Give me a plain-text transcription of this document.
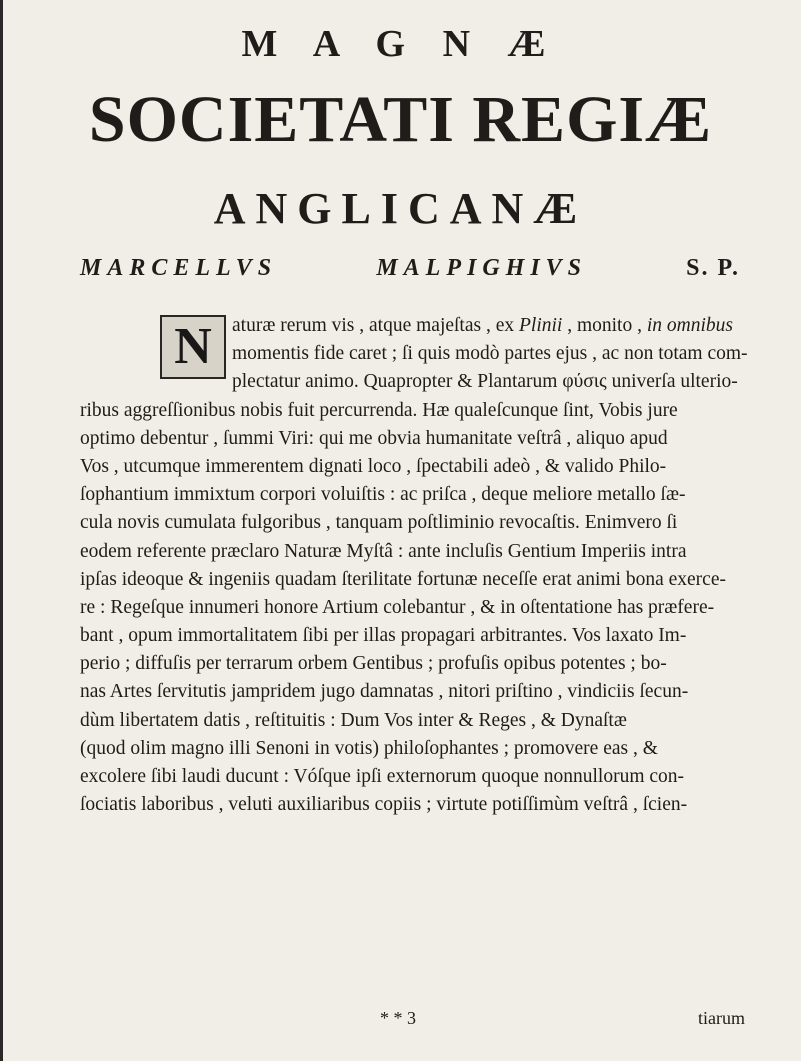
M A G N Æ
SOCIETATI REGIÆ
ANGLICANÆ
MARCELLVS	MALPIGHIVS	S. P.
N	aturæ rerum vis , atque majeſtas , ex Plinii , monito , in omnibus
momentis fide caret ; ſi quis modò partes ejus , ac non totam com-
plectatur animo. Quapropter & Plantarum φύσις univerſa ulterio-
ribus aggreſſionibus nobis fuit percurrenda. Hæ qualeſcunque ſint, Vobis jure
optimo debentur , ſummi Viri: qui me obvia humanitate veſtrâ , aliquo apud
Vos , utcumque immerentem dignati loco , ſpectabili adeò , & valido Philo-
ſophantium immixtum corpori voluiſtis : ac priſca , deque meliore metallo ſæ-
cula novis cumulata fulgoribus , tanquam poſtliminio revocaſtis. Enimvero ſi
eodem referente præclaro Naturæ Myſtâ : ante incluſis Gentium Imperiis intra
ipſas ideoque & ingeniis quadam ſterilitate fortunæ neceſſe erat animi bona exerce-
re : Regeſque innumeri honore Artium colebantur , & in oſtentatione has præfere-
bant , opum immortalitatem ſibi per illas propagari arbitrantes. Vos laxato Im-
perio ; diffuſis per terrarum orbem Gentibus ; profuſis opibus potentes ; bo-
nas Artes ſervitutis jampridem jugo damnatas , nitori priſtino , vindiciis ſecun-
dùm libertatem datis , reſtituitis : Dum Vos inter & Reges , & Dynaſtæ
(quod olim magno illi Senoni in votis) philoſophantes ; promovere eas , &
excolere ſibi laudi ducunt : Vóſque ipſi externorum quoque nonnullorum con-
ſociatis laboribus , veluti auxiliaribus copiis ; virtute potiſſimùm veſtrâ , ſcien-
* * 3	tiarum
